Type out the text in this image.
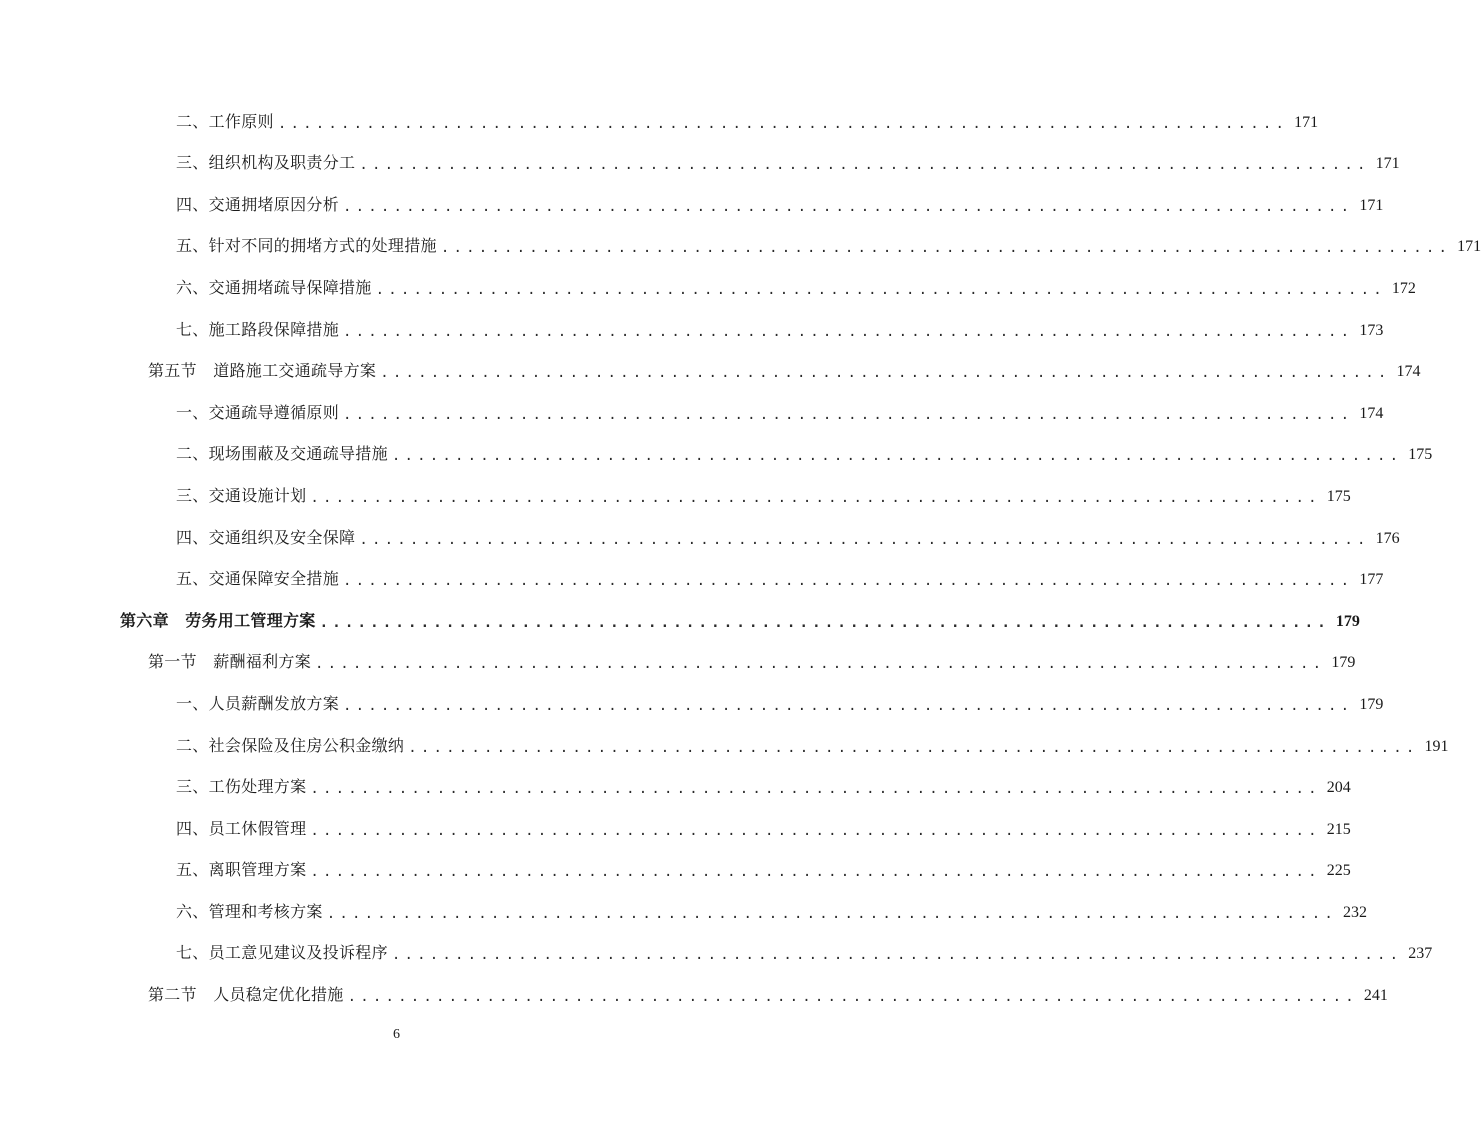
二、工作原则 ................................................................................ 171
三、组织机构及职责分工 ................................................................................ 171
四、交通拥堵原因分析 ................................................................................ 171
五、针对不同的拥堵方式的处理措施 ................................................................................ 171
六、交通拥堵疏导保障措施 ................................................................................ 172
七、施工路段保障措施 ................................................................................ 173
第五节　道路施工交通疏导方案 ................................................................................ 174
一、交通疏导遵循原则 ................................................................................ 174
二、现场围蔽及交通疏导措施 ................................................................................ 175
三、交通设施计划 ................................................................................ 175
四、交通组织及安全保障 ................................................................................ 176
五、交通保障安全措施 ................................................................................ 177
第六章　劳务用工管理方案 ................................................................................ 179
第一节　薪酬福利方案 ................................................................................ 179
一、人员薪酬发放方案 ................................................................................ 179
二、社会保险及住房公积金缴纳 ................................................................................ 191
三、工伤处理方案 ................................................................................ 204
四、员工休假管理 ................................................................................ 215
五、离职管理方案 ................................................................................ 225
六、管理和考核方案 ................................................................................ 232
七、员工意见建议及投诉程序 ................................................................................ 237
第二节　人员稳定优化措施 ................................................................................ 241
6
